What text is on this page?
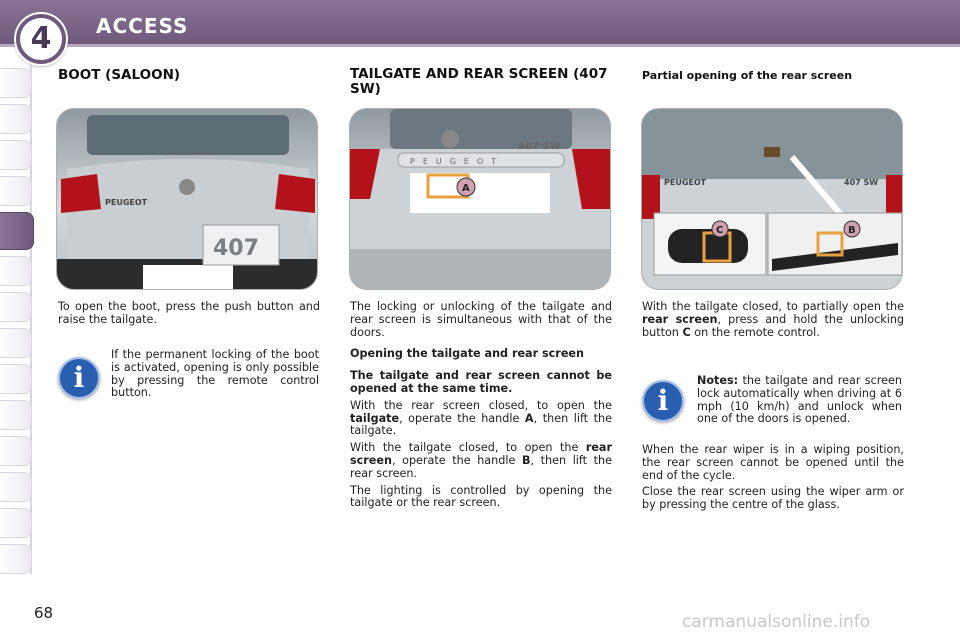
4	ACCESS
BOOT (SALOON)
PEUGEOT
407
To open the boot, press the push button and raise the tailgate.
i
If the permanent locking of the boot is activated, opening is only possible by pressing the remote control button.
TAILGATE AND REAR SCREEN (407 SW)
PEUGEOT
407 SW
A
The locking or unlocking of the tailgate and rear screen is simultaneous with that of the doors.
Opening the tailgate and rear screen
The tailgate and rear screen cannot be opened at the same time.
With the rear screen closed, to open the tailgate, operate the handle A, then lift the tailgate.
With the tailgate closed, to open the rear screen, operate the handle B, then lift the rear screen.
The lighting is controlled by opening the tailgate or the rear screen.
Partial opening of the rear screen
PEUGEOT	407 SW
C	B
With the tailgate closed, to partially open the rear screen, press and hold the unlocking button C on the remote control.
i
Notes: the tailgate and rear screen lock automatically when driving at 6 mph (10 km/h) and unlock when one of the doors is opened.
When the rear wiper is in a wiping position, the rear screen cannot be opened until the end of the cycle.
Close the rear screen using the wiper arm or by pressing the centre of the glass.
68	carmanualsonline.info
